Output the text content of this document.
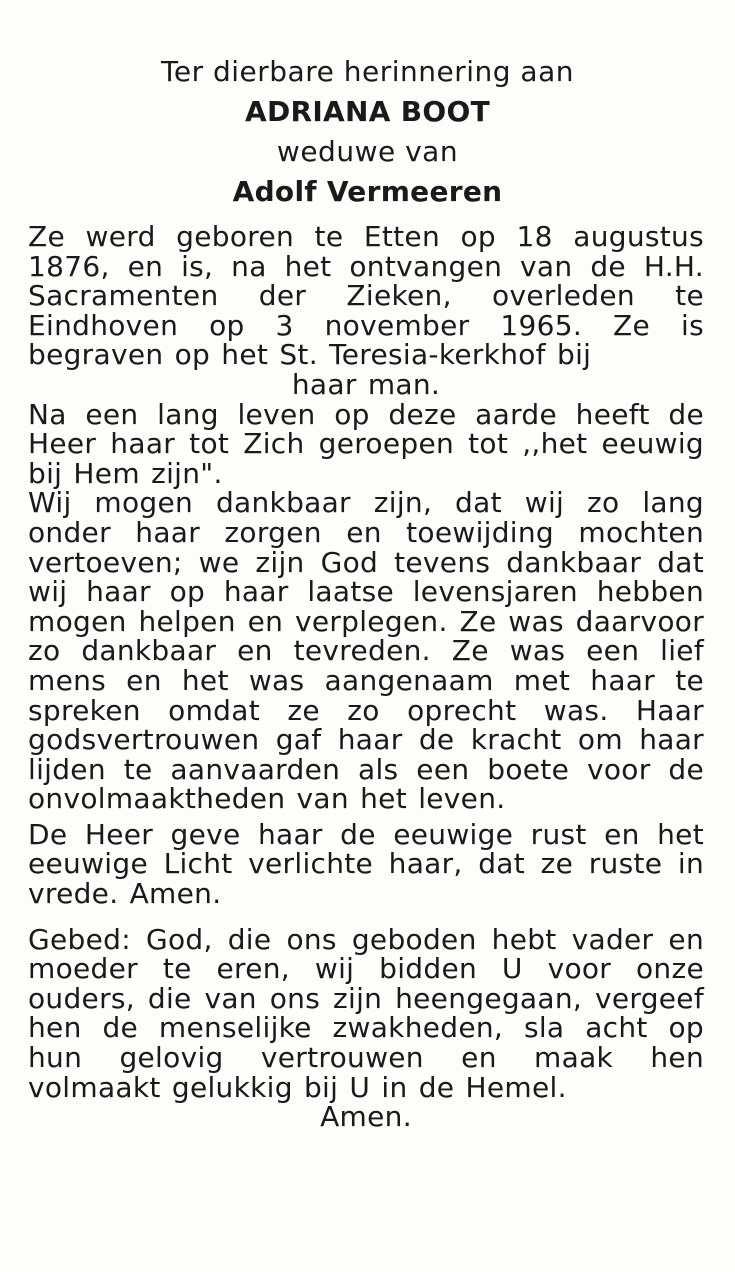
Ter dierbare herinnering aan
ADRIANA BOOT
weduwe van
Adolf Vermeeren

Ze werd geboren te Etten op 18 augustus 1876, en is, na het ontvangen van de H.H. Sacramenten der Zieken, overleden te Eindhoven op 3 november 1965. Ze is begraven op het St. Teresia-kerkhof bij

haar man.

Na een lang leven op deze aarde heeft de Heer haar tot Zich geroepen tot ,,het eeuwig bij Hem zijn".

Wij mogen dankbaar zijn, dat wij zo lang onder haar zorgen en toewijding mochten vertoeven; we zijn God tevens dankbaar dat wij haar op haar laatse levensjaren hebben mogen helpen en verplegen. Ze was daarvoor zo dankbaar en tevreden. Ze was een lief mens en het was aangenaam met haar te spreken omdat ze zo oprecht was. Haar godsvertrouwen gaf haar de kracht om haar lijden te aanvaarden als een boete voor de onvolmaaktheden van het leven.

De Heer geve haar de eeuwige rust en het eeuwige Licht verlichte haar, dat ze ruste in vrede. Amen.

Gebed: God, die ons geboden hebt vader en moeder te eren, wij bidden U voor onze ouders, die van ons zijn heengegaan, vergeef hen de menselijke zwakheden, sla acht op hun gelovig vertrouwen en maak hen volmaakt gelukkig bij U in de Hemel.

Amen.
